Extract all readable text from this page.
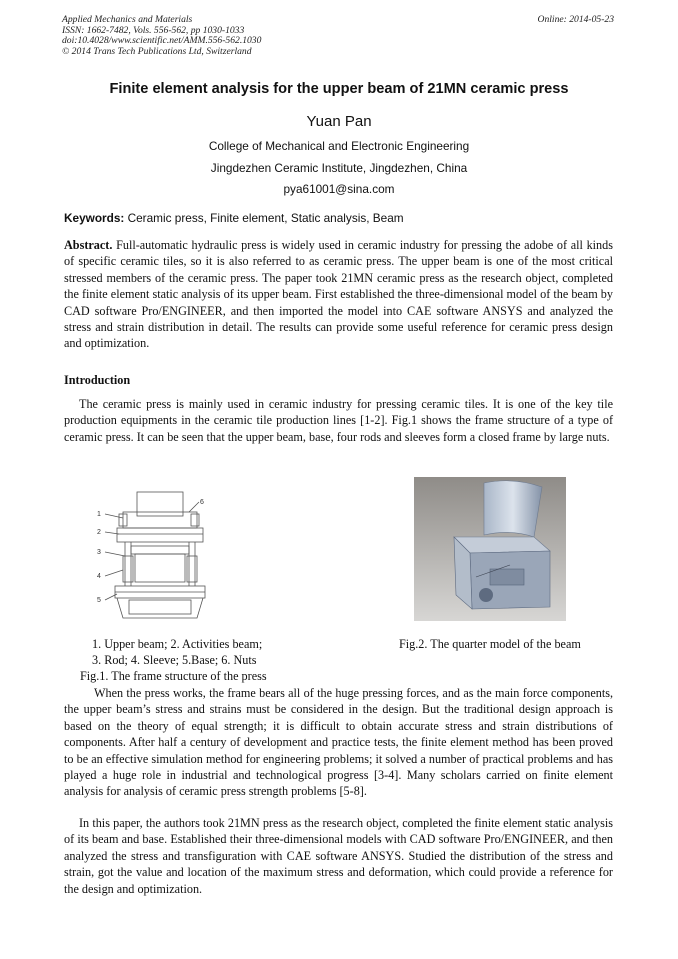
Applied Mechanics and Materials
ISSN: 1662-7482, Vols. 556-562, pp 1030-1033
doi:10.4028/www.scientific.net/AMM.556-562.1030
© 2014 Trans Tech Publications Ltd, Switzerland
Online: 2014-05-23
Finite element analysis for the upper beam of 21MN ceramic press
Yuan Pan
College of Mechanical and Electronic Engineering
Jingdezhen Ceramic Institute, Jingdezhen, China
pya61001@sina.com
Keywords: Ceramic press, Finite element, Static analysis, Beam

Abstract. Full-automatic hydraulic press is widely used in ceramic industry for pressing the adobe of all kinds of specific ceramic tiles, so it is also referred to as ceramic press. The upper beam is one of the most critical stressed members of the ceramic press. The paper took 21MN ceramic press as the research object, completed the finite element static analysis of its upper beam. First established the three-dimensional model of the beam by CAD software Pro/ENGINEER, and then imported the model into CAE software ANSYS and analyzed the stress and strain distribution in detail. The results can provide some useful reference for ceramic press design and optimization.

Introduction

The ceramic press is mainly used in ceramic industry for pressing ceramic tiles. It is one of the key tile production equipments in the ceramic tile production lines [1-2]. Fig.1 shows the frame structure of a type of ceramic press. It can be seen that the upper beam, base, four rods and sleeves form a closed frame by large nuts.

1
2
3
4
5
6
1. Upper beam; 2. Activities beam;
3. Rod; 4. Sleeve; 5.Base; 6. Nuts
Fig.1. The frame structure of the press
Fig.2. The quarter model of the beam

When the press works, the frame bears all of the huge pressing forces, and as the main force components, the upper beam’s stress and strains must be considered in the design. But the traditional design approach is based on the theory of equal strength; it is difficult to obtain accurate stress and strain distributions of components. After half a century of development and practice tests, the finite element method has been proved to be an effective simulation method for engineering problems; it solved a number of practical problems and has played a huge role in industrial and technological progress [3-4]. Many scholars carried on finite element analysis for analysis of ceramic press strength problems [5-8].

In this paper, the authors took 21MN press as the research object, completed the finite element static analysis of its beam and base. Established their three-dimensional models with CAD software Pro/ENGINEER, and then analyzed the stress and transfiguration with CAE software ANSYS. Studied the distribution of the stress and strain, got the value and location of the maximum stress and deformation, which could provide a reference for the design and optimization.
